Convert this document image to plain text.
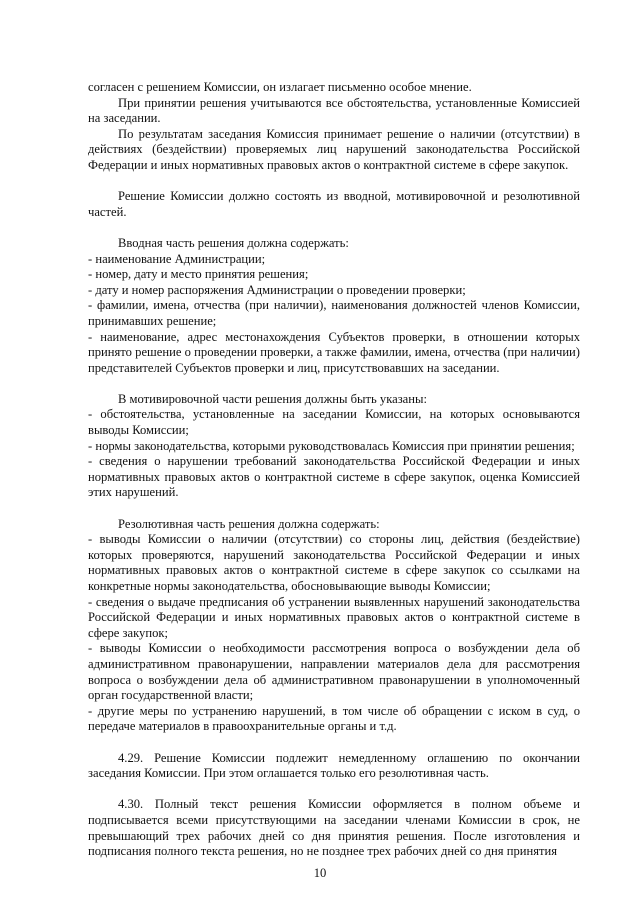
согласен с решением Комиссии, он излагает письменно особое мнение.

При принятии решения учитываются все обстоятельства, установленные Комиссией на заседании.

По результатам заседания Комиссия принимает решение о наличии (отсутствии) в действиях (бездействии) проверяемых лиц нарушений законодательства Российской Федерации и иных нормативных правовых актов о контрактной системе в сфере закупок.

Решение Комиссии должно состоять из вводной, мотивировочной и резолютивной частей.

Вводная часть решения должна содержать:

- наименование Администрации;

- номер, дату и место принятия решения;

- дату и номер распоряжения Администрации о проведении проверки;

- фамилии, имена, отчества (при наличии), наименования должностей членов Комиссии, принимавших решение;

- наименование, адрес местонахождения Субъектов проверки, в отношении которых принято решение о проведении проверки, а также фамилии, имена, отчества (при наличии) представителей Субъектов проверки и лиц, присутствовавших на заседании.

В мотивировочной части решения должны быть указаны:

- обстоятельства, установленные на заседании Комиссии, на которых основываются выводы Комиссии;

- нормы законодательства, которыми руководствовалась Комиссия при принятии решения;

- сведения о нарушении требований законодательства Российской Федерации и иных нормативных правовых актов о контрактной системе в сфере закупок, оценка Комиссией этих нарушений.

Резолютивная часть решения должна содержать:

- выводы Комиссии о наличии (отсутствии) со стороны лиц, действия (бездействие) которых проверяются, нарушений законодательства Российской Федерации и иных нормативных правовых актов о контрактной системе в сфере закупок со ссылками на конкретные нормы законодательства, обосновывающие выводы Комиссии;

- сведения о выдаче предписания об устранении выявленных нарушений законодательства Российской Федерации и иных нормативных правовых актов о контрактной системе в сфере закупок;

- выводы Комиссии о необходимости рассмотрения вопроса о возбуждении дела об административном правонарушении, направлении материалов дела для рассмотрения вопроса о возбуждении дела об административном правонарушении в уполномоченный орган государственной власти;

- другие меры по устранению нарушений, в том числе об обращении с иском в суд, о передаче материалов в правоохранительные органы и т.д.

4.29. Решение Комиссии подлежит немедленному оглашению по окончании заседания Комиссии. При этом оглашается только его резолютивная часть.

4.30. Полный текст решения Комиссии оформляется в полном объеме и подписывается всеми присутствующими на заседании членами Комиссии в срок, не превышающий трех рабочих дней со дня принятия решения. После изготовления и подписания полного текста решения, но не позднее трех рабочих дней со дня принятия

10
